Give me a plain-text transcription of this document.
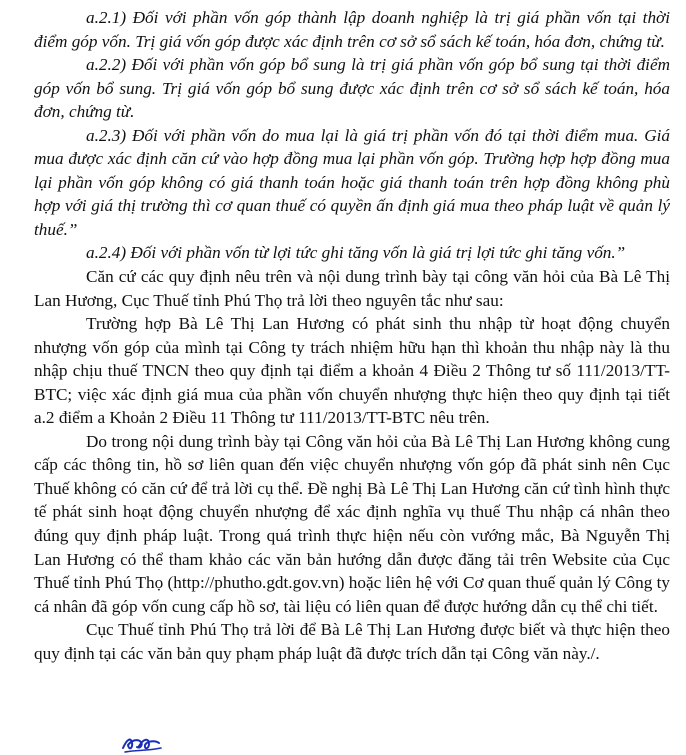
a.2.1) Đối với phần vốn góp thành lập doanh nghiệp là trị giá phần vốn tại thời điểm góp vốn. Trị giá vốn góp được xác định trên cơ sở sổ sách kế toán, hóa đơn, chứng từ.

a.2.2) Đối với phần vốn góp bổ sung là trị giá phần vốn góp bổ sung tại thời điểm góp vốn bổ sung. Trị giá vốn góp bổ sung được xác định trên cơ sở sổ sách kế toán, hóa đơn, chứng từ.

a.2.3) Đối với phần vốn do mua lại là giá trị phần vốn đó tại thời điểm mua. Giá mua được xác định căn cứ vào hợp đồng mua lại phần vốn góp. Trường hợp hợp đồng mua lại phần vốn góp không có giá thanh toán hoặc giá thanh toán trên hợp đồng không phù hợp với giá thị trường thì cơ quan thuế có quyền ấn định giá mua theo pháp luật về quản lý thuế.”

a.2.4) Đối với phần vốn từ lợi tức ghi tăng vốn là giá trị lợi tức ghi tăng vốn.”

Căn cứ các quy định nêu trên và nội dung trình bày tại công văn hỏi của Bà Lê Thị Lan Hương, Cục Thuế tỉnh Phú Thọ trả lời theo nguyên tắc như sau:

Trường hợp Bà Lê Thị Lan Hương có phát sinh thu nhập từ hoạt động chuyển nhượng vốn góp của mình tại Công ty trách nhiệm hữu hạn thì khoản thu nhập này là thu nhập chịu thuế TNCN theo quy định tại điểm a khoản 4 Điều 2 Thông tư số 111/2013/TT-BTC; việc xác định giá mua của phần vốn chuyển nhượng thực hiện theo quy định tại tiết a.2 điểm a Khoản 2 Điều 11 Thông tư 111/2013/TT-BTC nêu trên.

Do trong nội dung trình bày tại Công văn hỏi của Bà Lê Thị Lan Hương không cung cấp các thông tin, hồ sơ liên quan đến việc chuyển nhượng vốn góp đã phát sinh nên Cục Thuế không có căn cứ để trả lời cụ thể. Đề nghị Bà Lê Thị Lan Hương căn cứ tình hình thực tế phát sinh hoạt động chuyển nhượng để xác định nghĩa vụ thuế Thu nhập cá nhân theo đúng quy định pháp luật. Trong quá trình thực hiện nếu còn vướng mắc, Bà Nguyễn Thị Lan Hương có thể tham khảo các văn bản hướng dẫn được đăng tải trên Website của Cục Thuế tỉnh Phú Thọ (http://phutho.gdt.gov.vn) hoặc liên hệ với Cơ quan thuế quản lý Công ty cá nhân đã góp vốn cung cấp hồ sơ, tài liệu có liên quan để được hướng dẫn cụ thể chi tiết.

Cục Thuế tỉnh Phú Thọ trả lời để Bà Lê Thị Lan Hương được biết và thực hiện theo quy định tại các văn bản quy phạm pháp luật đã được trích dẫn tại Công văn này./.
